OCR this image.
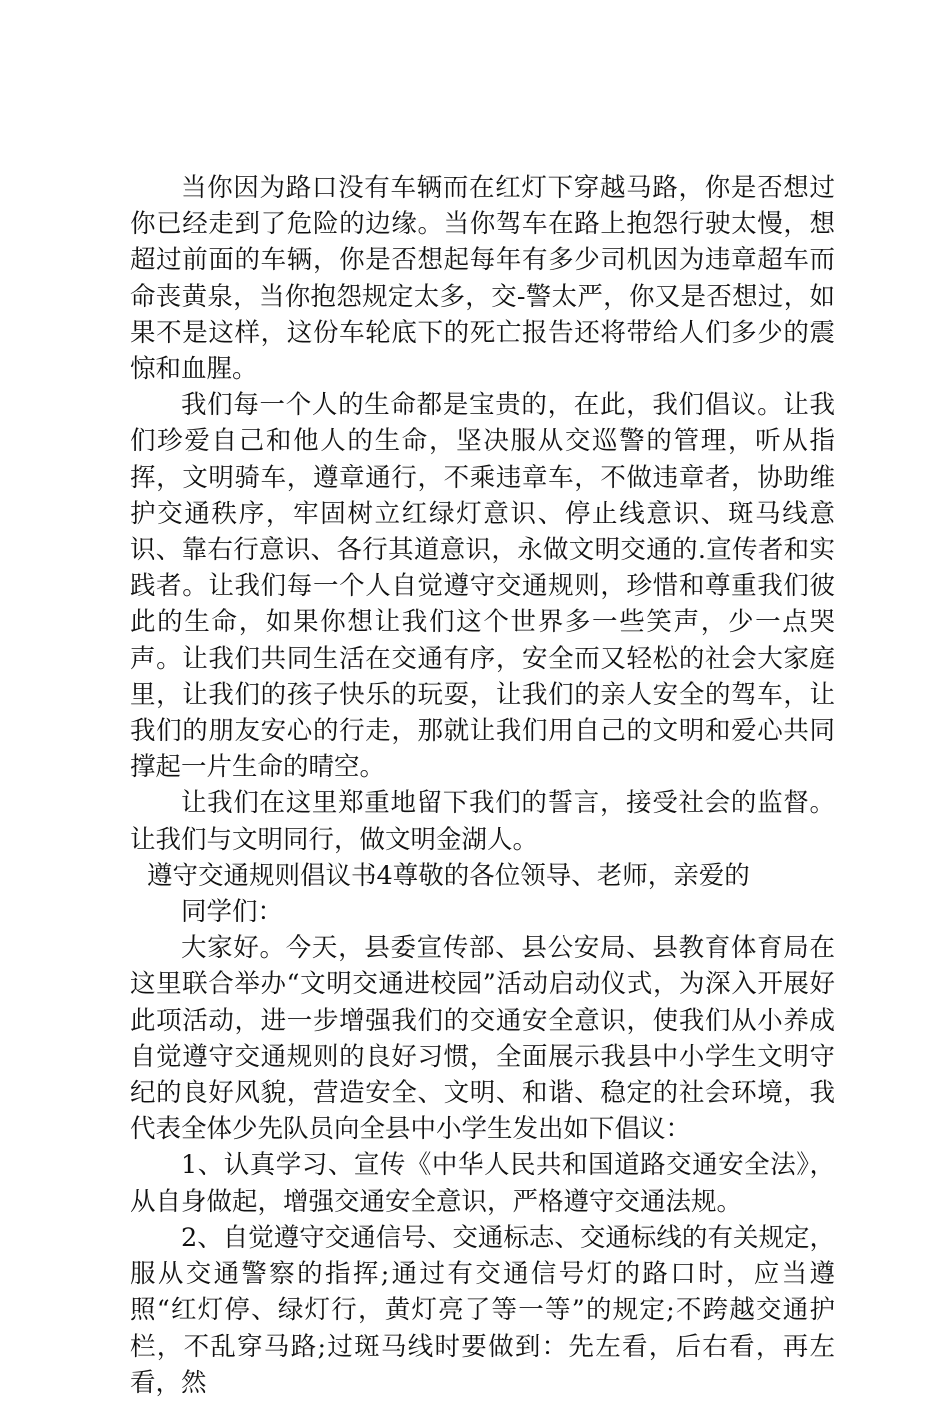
当你因为路口没有车辆而在红灯下穿越马路，你是否想过你已经走到了危险的边缘。当你驾车在路上抱怨行驶太慢，想超过前面的车辆，你是否想起每年有多少司机因为违章超车而命丧黄泉，当你抱怨规定太多，交-警太严，你又是否想过，如果不是这样，这份车轮底下的死亡报告还将带给人们多少的震惊和血腥。

我们每一个人的生命都是宝贵的，在此，我们倡议。让我们珍爱自己和他人的生命，坚决服从交巡警的管理，听从指挥，文明骑车，遵章通行，不乘违章车，不做违章者，协助维护交通秩序，牢固树立红绿灯意识、停止线意识、斑马线意识、靠右行意识、各行其道意识，永做文明交通的.宣传者和实践者。让我们每一个人自觉遵守交通规则，珍惜和尊重我们彼此的生命，如果你想让我们这个世界多一些笑声，少一点哭声。让我们共同生活在交通有序，安全而又轻松的社会大家庭里，让我们的孩子快乐的玩耍，让我们的亲人安全的驾车，让我们的朋友安心的行走，那就让我们用自己的文明和爱心共同撑起一片生命的晴空。

让我们在这里郑重地留下我们的誓言，接受社会的监督。让我们与文明同行，做文明金湖人。

遵守交通规则倡议书4尊敬的各位领导、老师，亲爱的

同学们：

大家好。今天，县委宣传部、县公安局、县教育体育局在这里联合举办“文明交通进校园”活动启动仪式，为深入开展好此项活动，进一步增强我们的交通安全意识，使我们从小养成自觉遵守交通规则的良好习惯，全面展示我县中小学生文明守纪的良好风貌，营造安全、文明、和谐、稳定的社会环境，我代表全体少先队员向全县中小学生发出如下倡议：

1、认真学习、宣传《中华人民共和国道路交通安全法》，从自身做起，增强交通安全意识，严格遵守交通法规。

2、自觉遵守交通信号、交通标志、交通标线的有关规定，服从交通警察的指挥;通过有交通信号灯的路口时，应当遵照“红灯停、绿灯行，黄灯亮了等一等”的规定;不跨越交通护栏，不乱穿马路;过斑马线时要做到：先左看，后右看，再左看，然
